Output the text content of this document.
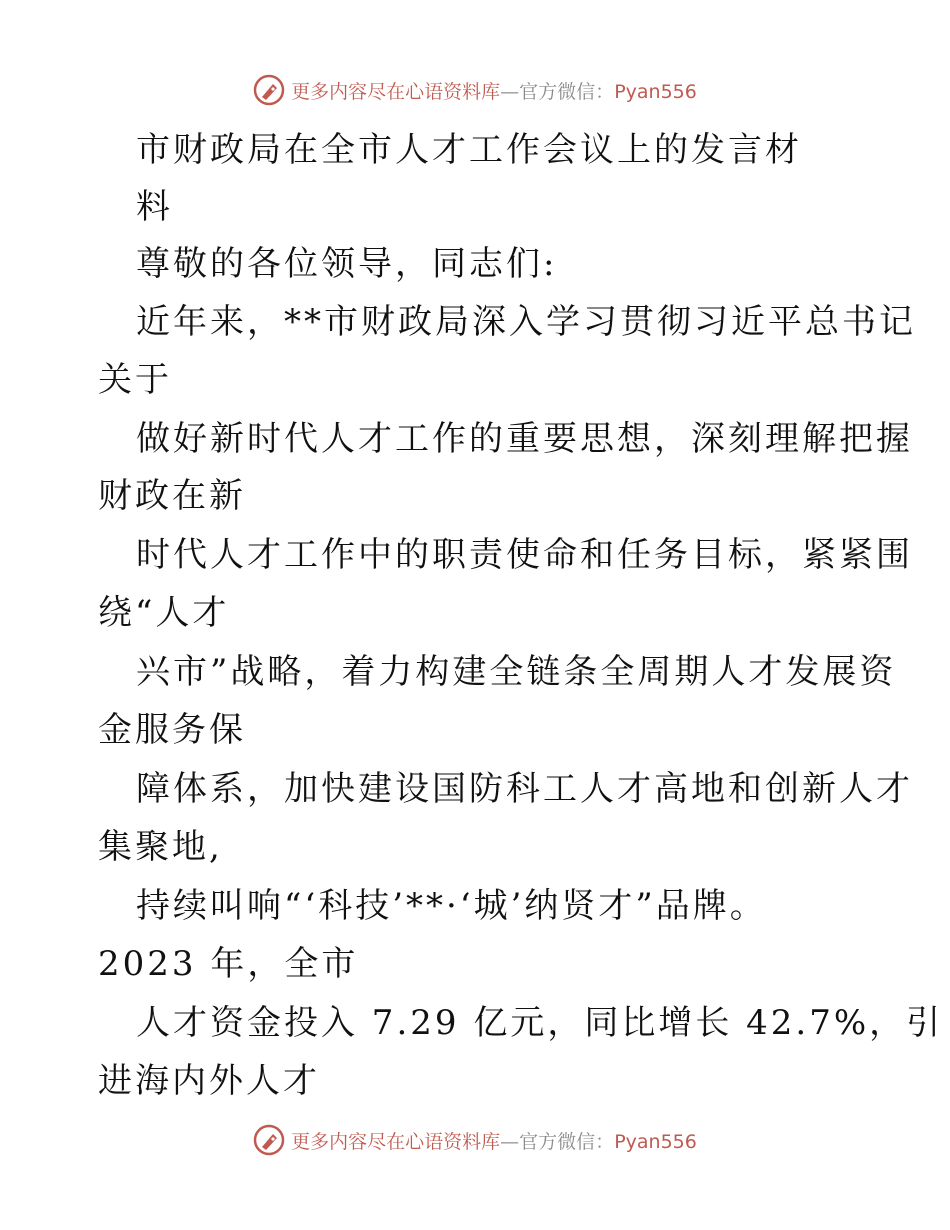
更多内容尽在心语资料库—官方微信：Pyan556
市财政局在全市人才工作会议上的发言材
料
尊敬的各位领导，同志们:
近年来，**市财政局深入学习贯彻习近平总书记
关于
做好新时代人才工作的重要思想，深刻理解把握
财政在新
时代人才工作中的职责使命和任务目标，紧紧围
绕“人才
兴市”战略，着力构建全链条全周期人才发展资
金服务保
障体系，加快建设国防科工人才高地和创新人才
集聚地,
持续叫响“‘科技’**·‘城’纳贤才”品牌。
2023 年，全市
人才资金投入 7.29 亿元，同比增长 42.7%，引
进海内外人才
更多内容尽在心语资料库—官方微信：Pyan556
